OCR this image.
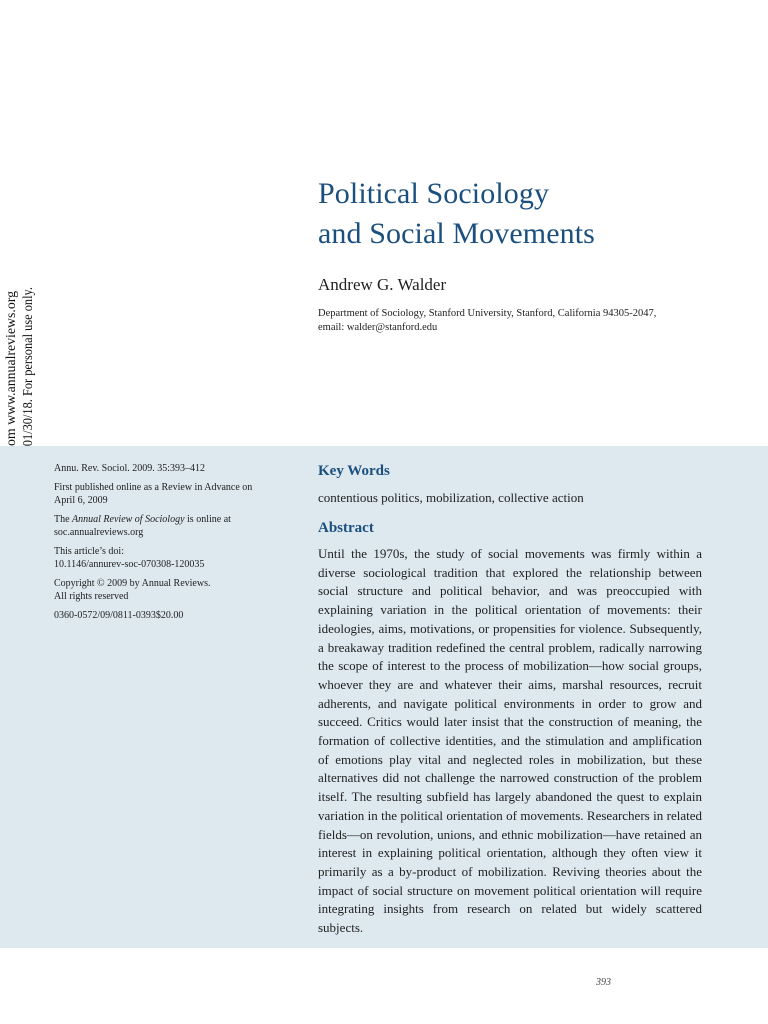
Political Sociology
and Social Movements
Andrew G. Walder
Department of Sociology, Stanford University, Stanford, California 94305-2047,
email: walder@stanford.edu

Annu. Rev. Sociol. 2009. 35:393–412

First published online as a Review in Advance on
April 6, 2009

The Annual Review of Sociology is online at
soc.annualreviews.org

This article’s doi:
10.1146/annurev-soc-070308-120035

Copyright © 2009 by Annual Reviews.
All rights reserved

0360-0572/09/0811-0393$20.00

Key Words

contentious politics, mobilization, collective action

Abstract

Until the 1970s, the study of social movements was firmly within a diverse sociological tradition that explored the relationship between social structure and political behavior, and was preoccupied with explaining variation in the political orientation of movements: their ideologies, aims, motivations, or propensities for violence. Subsequently, a breakaway tradition redefined the central problem, radically narrowing the scope of interest to the process of mobilization—how social groups, whoever they are and whatever their aims, marshal resources, recruit adherents, and navigate political environments in order to grow and succeed. Critics would later insist that the construction of meaning, the formation of collective identities, and the stimulation and amplification of emotions play vital and neglected roles in mobilization, but these alternatives did not challenge the narrowed construction of the problem itself. The resulting subfield has largely abandoned the quest to explain variation in the political orientation of movements. Researchers in related fields—on revolution, unions, and ethnic mobilization—have retained an interest in explaining political orientation, although they often view it primarily as a by-product of mobilization. Reviving theories about the impact of social structure on movement political orientation will require integrating insights from research on related but widely scattered subjects.

393
